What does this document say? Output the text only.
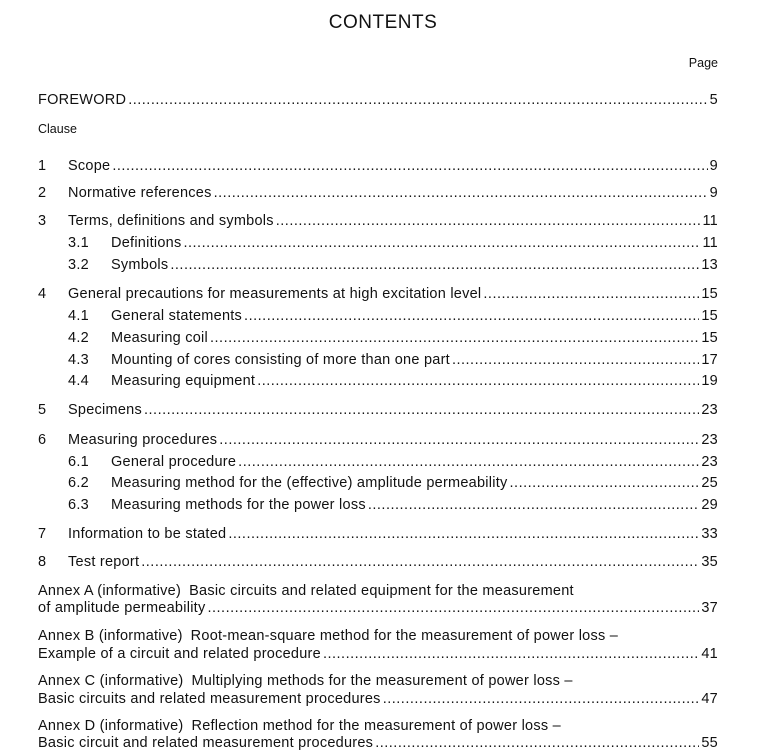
CONTENTS
Page
FOREWORD .....	5
Clause
1	Scope .....	9
2	Normative references .....	9
3	Terms, definitions and symbols .....	11
3.1	Definitions .....	11
3.2	Symbols .....	13
4	General precautions for measurements at high excitation level .....	15
4.1	General statements .....	15
4.2	Measuring coil .....	15
4.3	Mounting of cores consisting of more than one part .....	17
4.4	Measuring equipment .....	19
5	Specimens .....	23
6	Measuring procedures .....	23
6.1	General procedure .....	23
6.2	Measuring method for the (effective) amplitude permeability .....	25
6.3	Measuring methods for the power loss .....	29
7	Information to be stated .....	33
8	Test report .....	35
Annex A (informative) Basic circuits and related equipment for the measurement
of amplitude permeability .....	37
Annex B (informative) Root-mean-square method for the measurement of power loss –
Example of a circuit and related procedure .....	41
Annex C (informative) Multiplying methods for the measurement of power loss –
Basic circuits and related measurement procedures .....	47
Annex D (informative) Reflection method for the measurement of power loss –
Basic circuit and related measurement procedures .....	55
